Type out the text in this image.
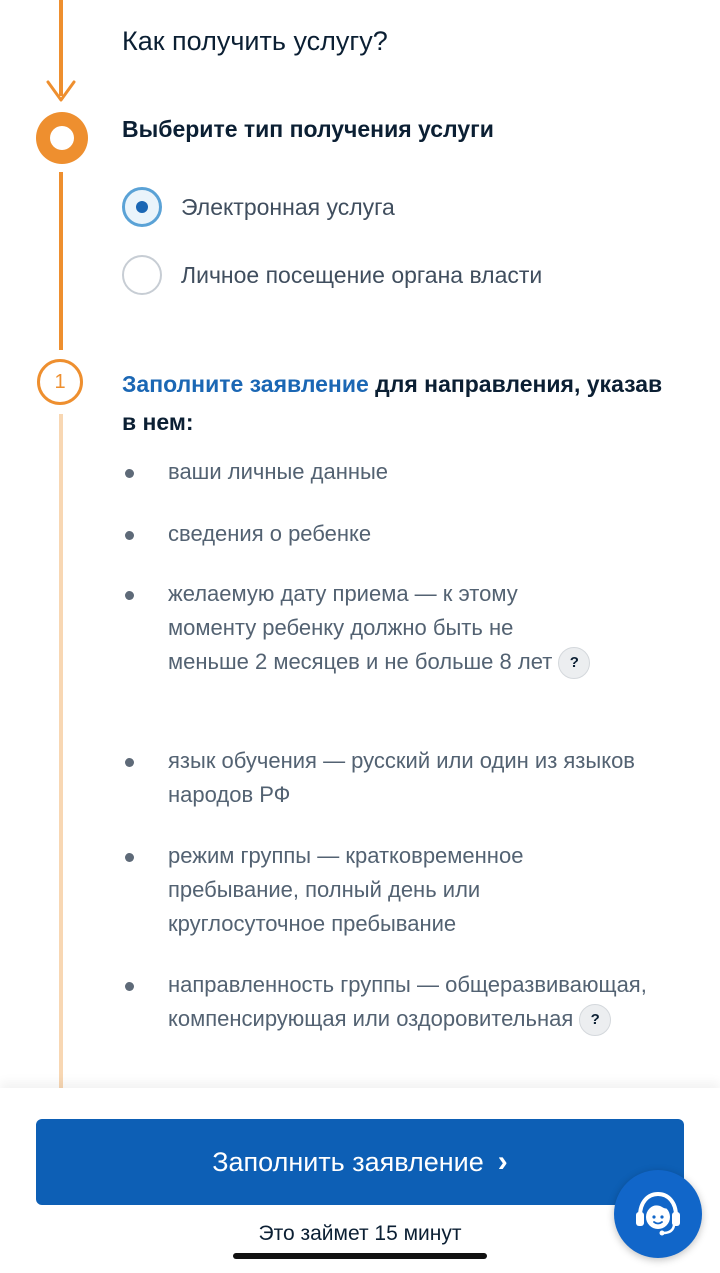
1
Как получить услугу?
Выберите тип получения услуги
Электронная услуга
Личное посещение органа власти
Заполните заявление для направления, указав в нем:
ваши личные данные
сведения о ребенке
желаемую дату приема — к этому моменту ребенку должно быть не меньше 2 месяцев и не больше 8 лет ?
язык обучения — русский или один из языков народов РФ
режим группы — кратковременное пребывание, полный день или круглосуточное пребывание
направленность группы — общеразвивающая, компенсирующая или оздоровительная ?
Заполнить заявление ›
Это займет 15 минут
